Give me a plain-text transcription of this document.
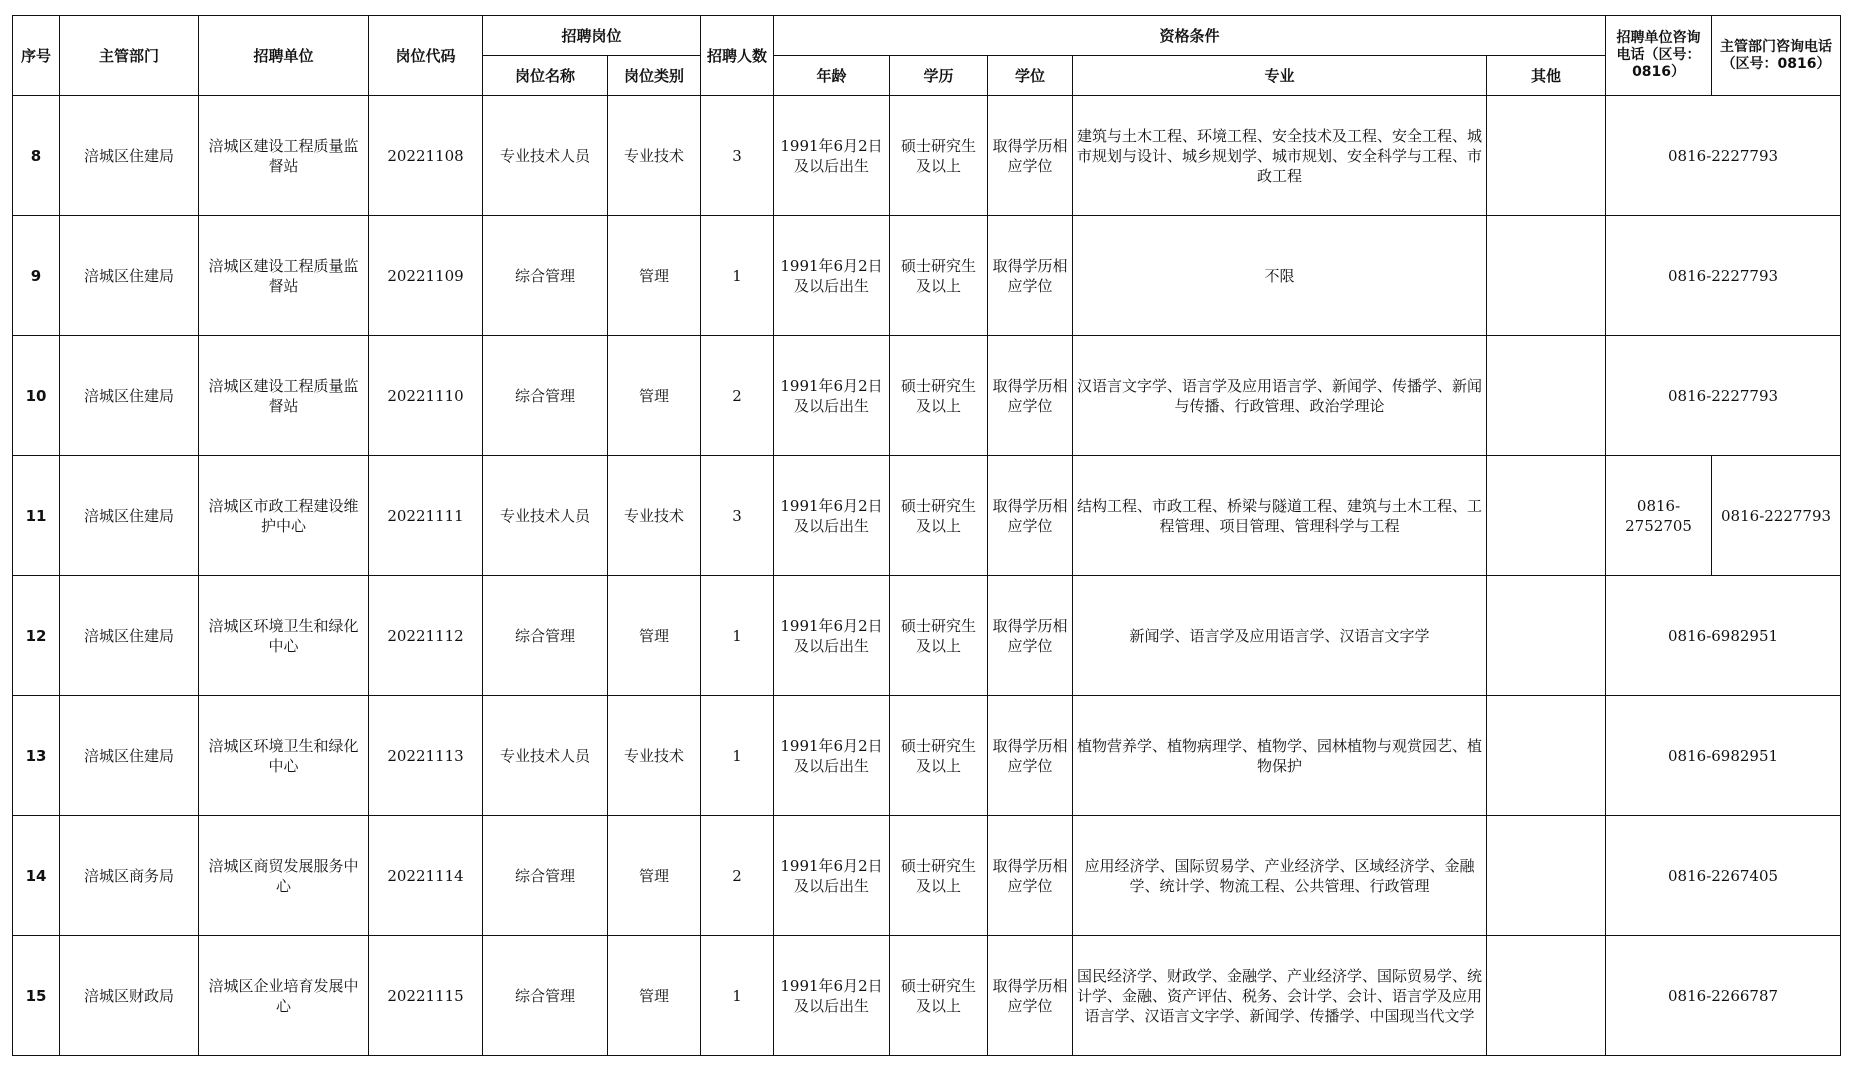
序号	主管部门	招聘单位	岗位代码	招聘岗位		招聘人数	资格条件					招聘单位咨询电话（区号：0816）	主管部门咨询电话（区号：0816）
				岗位名称	岗位类别		年龄	学历	学位	专业	其他		
8	涪城区住建局	涪城区建设工程质量监督站	20221108	专业技术人员	专业技术	3	1991年6月2日及以后出生	硕士研究生及以上	取得学历相应学位	建筑与土木工程、环境工程、安全技术及工程、安全工程、城市规划与设计、城乡规划学、城市规划、安全科学与工程、市政工程		0816-2227793	
9	涪城区住建局	涪城区建设工程质量监督站	20221109	综合管理	管理	1	1991年6月2日及以后出生	硕士研究生及以上	取得学历相应学位	不限		0816-2227793	
10	涪城区住建局	涪城区建设工程质量监督站	20221110	综合管理	管理	2	1991年6月2日及以后出生	硕士研究生及以上	取得学历相应学位	汉语言文字学、语言学及应用语言学、新闻学、传播学、新闻与传播、行政管理、政治学理论		0816-2227793	
11	涪城区住建局	涪城区市政工程建设维护中心	20221111	专业技术人员	专业技术	3	1991年6月2日及以后出生	硕士研究生及以上	取得学历相应学位	结构工程、市政工程、桥梁与隧道工程、建筑与土木工程、工程管理、项目管理、管理科学与工程		0816-2752705	0816-2227793
12	涪城区住建局	涪城区环境卫生和绿化中心	20221112	综合管理	管理	1	1991年6月2日及以后出生	硕士研究生及以上	取得学历相应学位	新闻学、语言学及应用语言学、汉语言文字学		0816-6982951	
13	涪城区住建局	涪城区环境卫生和绿化中心	20221113	专业技术人员	专业技术	1	1991年6月2日及以后出生	硕士研究生及以上	取得学历相应学位	植物营养学、植物病理学、植物学、园林植物与观赏园艺、植物保护		0816-6982951	
14	涪城区商务局	涪城区商贸发展服务中心	20221114	综合管理	管理	2	1991年6月2日及以后出生	硕士研究生及以上	取得学历相应学位	应用经济学、国际贸易学、产业经济学、区域经济学、金融学、统计学、物流工程、公共管理、行政管理		0816-2267405	
15	涪城区财政局	涪城区企业培育发展中心	20221115	综合管理	管理	1	1991年6月2日及以后出生	硕士研究生及以上	取得学历相应学位	国民经济学、财政学、金融学、产业经济学、国际贸易学、统计学、金融、资产评估、税务、会计学、会计、语言学及应用语言学、汉语言文字学、新闻学、传播学、中国现当代文学		0816-2266787	
